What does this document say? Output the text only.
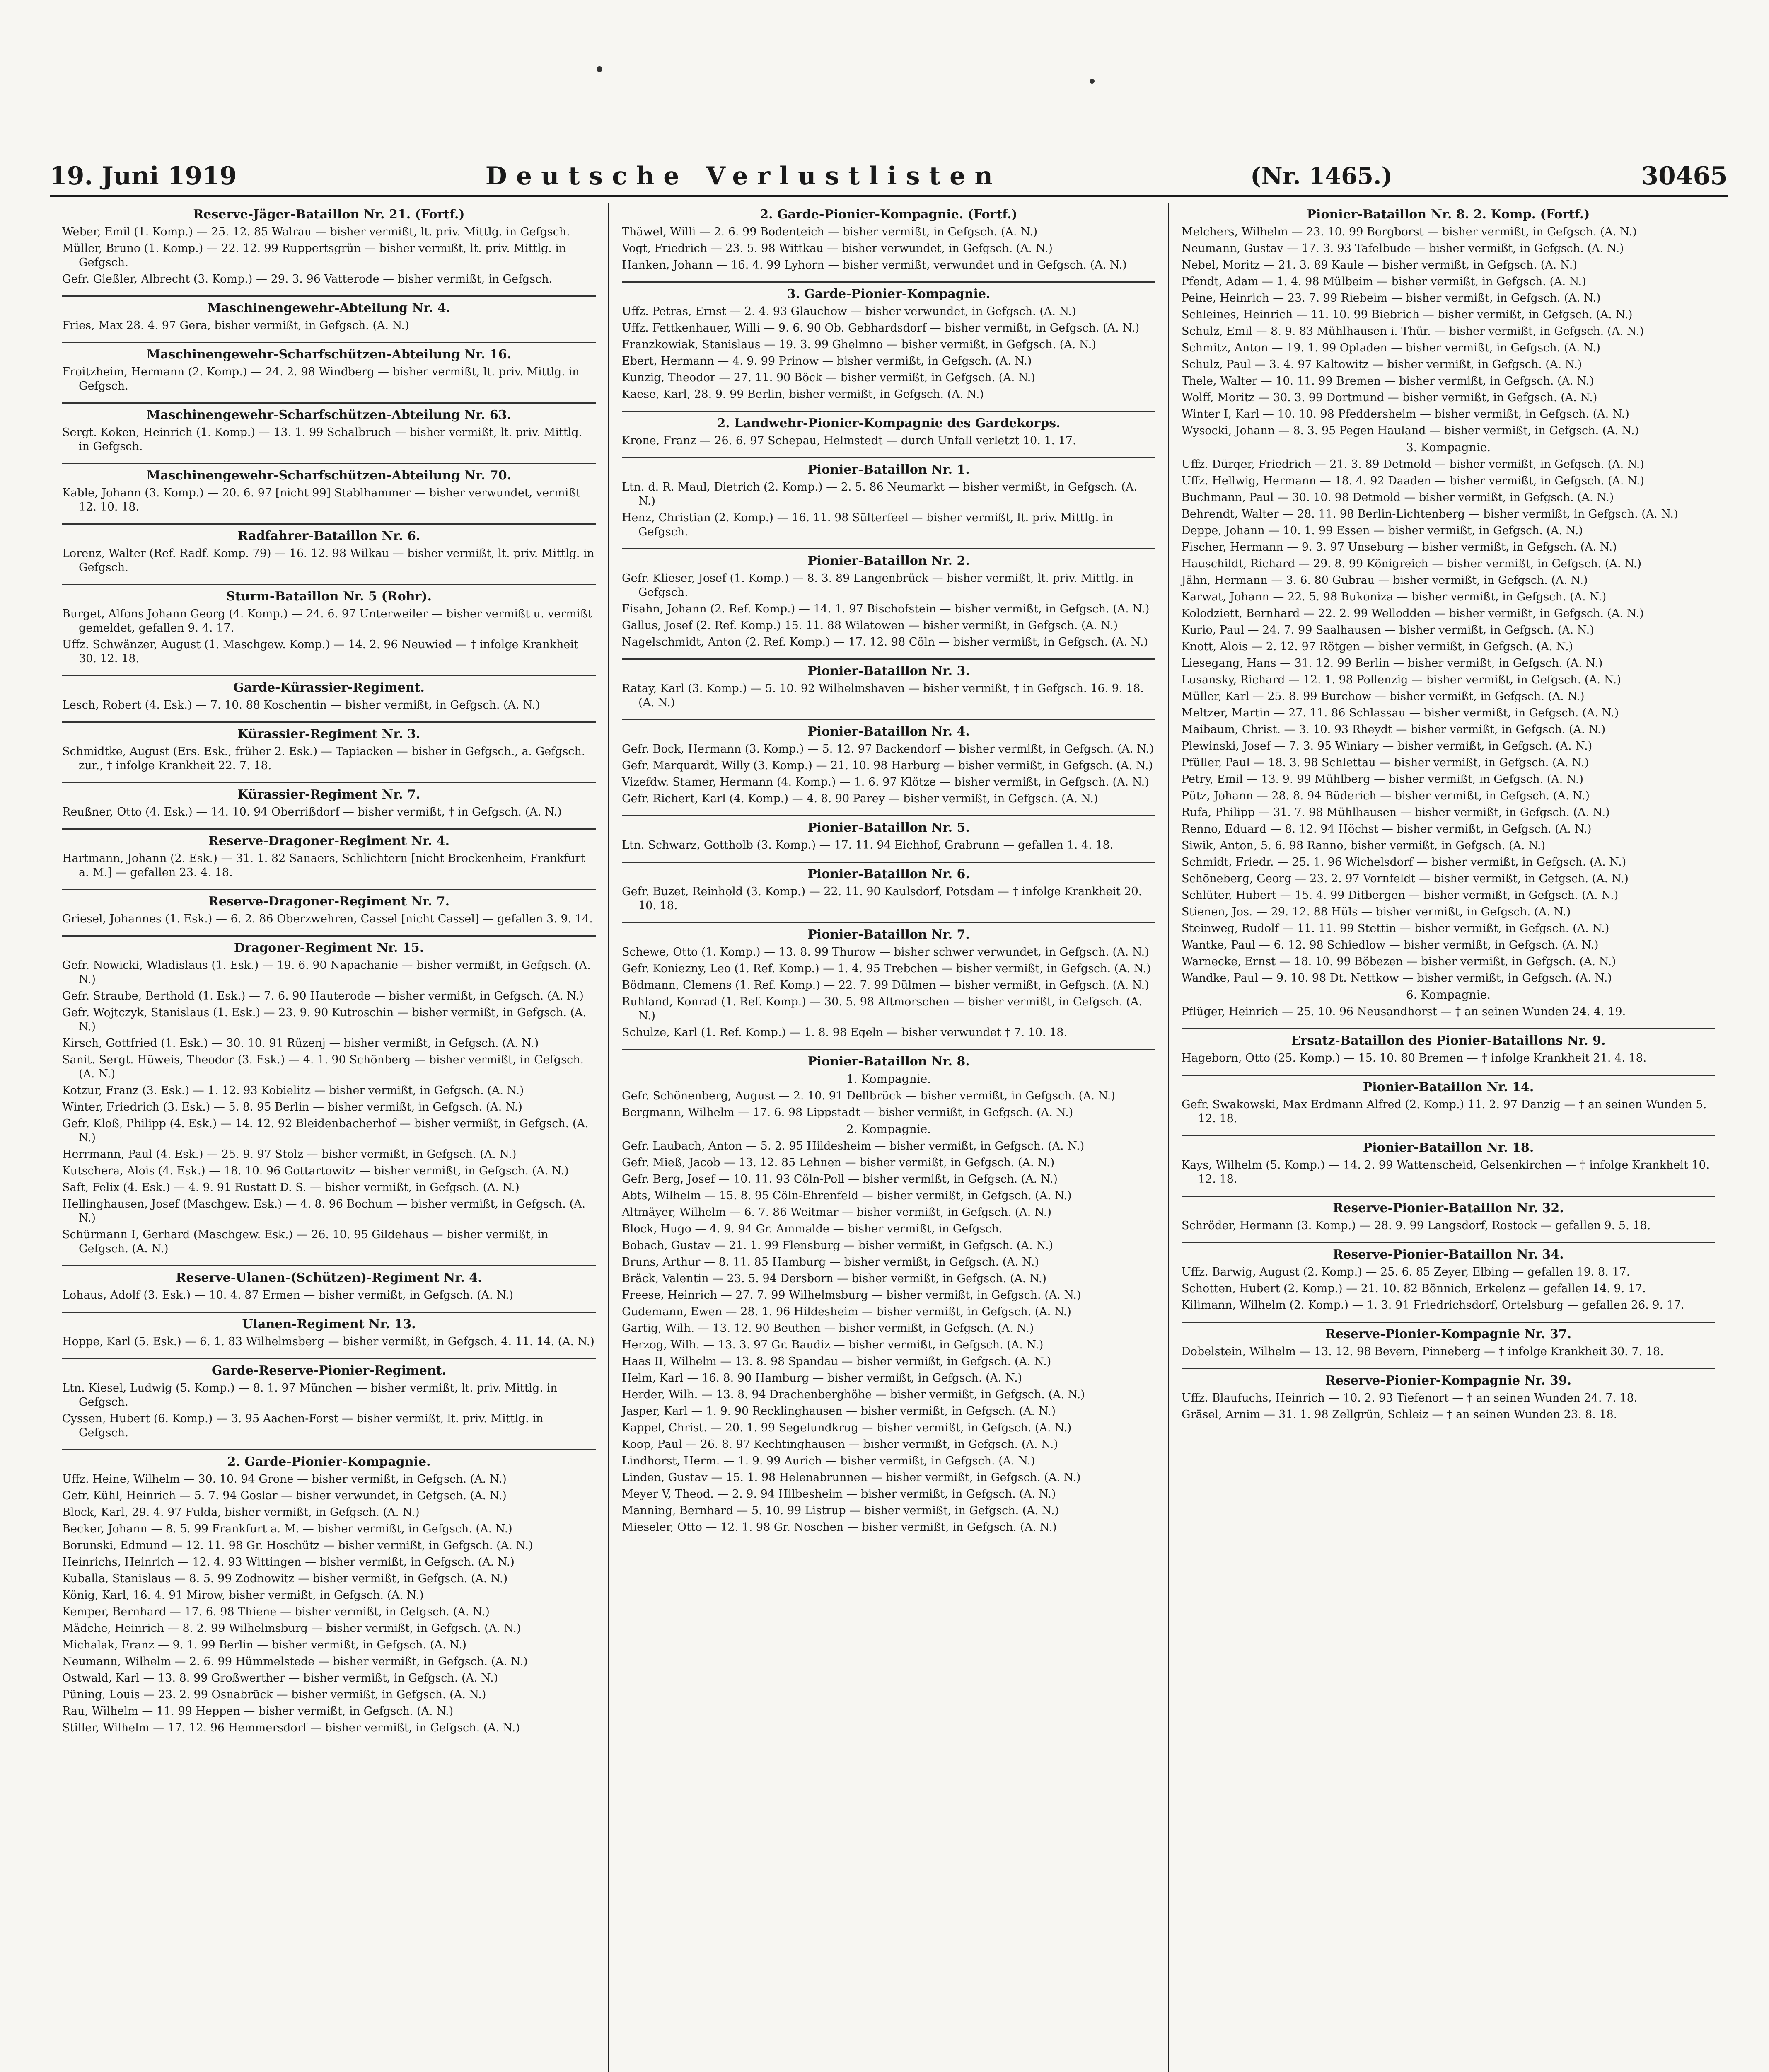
19. Juni 1919	Deutsche Verlustlisten	(Nr. 1465.)	30465
Reserve-Jäger-Bataillon Nr. 21. (Fortf.)
Weber, Emil (1. Komp.) — 25. 12. 85 Walrau — bisher vermißt, lt. priv. Mittlg. in Gefgsch.
Müller, Bruno (1. Komp.) — 22. 12. 99 Ruppertsgrün — bisher vermißt, lt. priv. Mittlg. in Gefgsch.
Gefr. Gießler, Albrecht (3. Komp.) — 29. 3. 96 Vatterode — bisher vermißt, in Gefgsch.
Maschinengewehr-Abteilung Nr. 4.
Fries, Max 28. 4. 97 Gera, bisher vermißt, in Gefgsch. (A. N.)
Maschinengewehr-Scharfschützen-Abteilung Nr. 16.
Froitzheim, Hermann (2. Komp.) — 24. 2. 98 Windberg — bisher vermißt, lt. priv. Mittlg. in Gefgsch.
Maschinengewehr-Scharfschützen-Abteilung Nr. 63.
Sergt. Koken, Heinrich (1. Komp.) — 13. 1. 99 Schalbruch — bisher vermißt, lt. priv. Mittlg. in Gefgsch.
Maschinengewehr-Scharfschützen-Abteilung Nr. 70.
Kable, Johann (3. Komp.) — 20. 6. 97 [nicht 99] Stablhammer — bisher verwundet, vermißt 12. 10. 18.
Radfahrer-Bataillon Nr. 6.
Lorenz, Walter (Ref. Radf. Komp. 79) — 16. 12. 98 Wilkau — bisher vermißt, lt. priv. Mittlg. in Gefgsch.
Sturm-Bataillon Nr. 5 (Rohr).
Burget, Alfons Johann Georg (4. Komp.) — 24. 6. 97 Unterweiler — bisher vermißt u. vermißt gemeldet, gefallen 9. 4. 17.
Uffz. Schwänzer, August (1. Maschgew. Komp.) — 14. 2. 96 Neuwied — † infolge Krankheit 30. 12. 18.
Garde-Kürassier-Regiment.
Lesch, Robert (4. Esk.) — 7. 10. 88 Koschentin — bisher vermißt, in Gefgsch. (A. N.)
Kürassier-Regiment Nr. 3.
Schmidtke, August (Ers. Esk., früher 2. Esk.) — Tapiacken — bisher in Gefgsch., a. Gefgsch. zur., † infolge Krankheit 22. 7. 18.
Kürassier-Regiment Nr. 7.
Reußner, Otto (4. Esk.) — 14. 10. 94 Oberrißdorf — bisher vermißt, † in Gefgsch. (A. N.)
Reserve-Dragoner-Regiment Nr. 4.
Hartmann, Johann (2. Esk.) — 31. 1. 82 Sanaers, Schlichtern [nicht Brockenheim, Frankfurt a. M.] — gefallen 23. 4. 18.
Reserve-Dragoner-Regiment Nr. 7.
Griesel, Johannes (1. Esk.) — 6. 2. 86 Oberzwehren, Cassel [nicht Cassel] — gefallen 3. 9. 14.
Dragoner-Regiment Nr. 15.
Gefr. Nowicki, Wladislaus (1. Esk.) — 19. 6. 90 Napachanie — bisher vermißt, in Gefgsch. (A. N.)
Gefr. Straube, Berthold (1. Esk.) — 7. 6. 90 Hauterode — bisher vermißt, in Gefgsch. (A. N.)
Gefr. Wojtczyk, Stanislaus (1. Esk.) — 23. 9. 90 Kutroschin — bisher vermißt, in Gefgsch. (A. N.)
Kirsch, Gottfried (1. Esk.) — 30. 10. 91 Rüzenj — bisher vermißt, in Gefgsch. (A. N.)
Sanit. Sergt. Hüweis, Theodor (3. Esk.) — 4. 1. 90 Schönberg — bisher vermißt, in Gefgsch. (A. N.)
Kotzur, Franz (3. Esk.) — 1. 12. 93 Kobielitz — bisher vermißt, in Gefgsch. (A. N.)
Winter, Friedrich (3. Esk.) — 5. 8. 95 Berlin — bisher vermißt, in Gefgsch. (A. N.)
Gefr. Kloß, Philipp (4. Esk.) — 14. 12. 92 Bleidenbacherhof — bisher vermißt, in Gefgsch. (A. N.)
Herrmann, Paul (4. Esk.) — 25. 9. 97 Stolz — bisher vermißt, in Gefgsch. (A. N.)
Kutschera, Alois (4. Esk.) — 18. 10. 96 Gottartowitz — bisher vermißt, in Gefgsch. (A. N.)
Saft, Felix (4. Esk.) — 4. 9. 91 Rustatt D. S. — bisher vermißt, in Gefgsch. (A. N.)
Hellinghausen, Josef (Maschgew. Esk.) — 4. 8. 96 Bochum — bisher vermißt, in Gefgsch. (A. N.)
Schürmann I, Gerhard (Maschgew. Esk.) — 26. 10. 95 Gildehaus — bisher vermißt, in Gefgsch. (A. N.)
Reserve-Ulanen-(Schützen)-Regiment Nr. 4.
Lohaus, Adolf (3. Esk.) — 10. 4. 87 Ermen — bisher vermißt, in Gefgsch. (A. N.)
Ulanen-Regiment Nr. 13.
Hoppe, Karl (5. Esk.) — 6. 1. 83 Wilhelmsberg — bisher vermißt, in Gefgsch. 4. 11. 14. (A. N.)
Garde-Reserve-Pionier-Regiment.
Ltn. Kiesel, Ludwig (5. Komp.) — 8. 1. 97 München — bisher vermißt, lt. priv. Mittlg. in Gefgsch.
Cyssen, Hubert (6. Komp.) — 3. 95 Aachen-Forst — bisher vermißt, lt. priv. Mittlg. in Gefgsch.
2. Garde-Pionier-Kompagnie.
Uffz. Heine, Wilhelm — 30. 10. 94 Grone — bisher vermißt, in Gefgsch. (A. N.)
Gefr. Kühl, Heinrich — 5. 7. 94 Goslar — bisher verwundet, in Gefgsch. (A. N.)
Block, Karl, 29. 4. 97 Fulda, bisher vermißt, in Gefgsch. (A. N.)
Becker, Johann — 8. 5. 99 Frankfurt a. M. — bisher vermißt, in Gefgsch. (A. N.)
Borunski, Edmund — 12. 11. 98 Gr. Hoschütz — bisher vermißt, in Gefgsch. (A. N.)
Heinrichs, Heinrich — 12. 4. 93 Wittingen — bisher vermißt, in Gefgsch. (A. N.)
Kuballa, Stanislaus — 8. 5. 99 Zodnowitz — bisher vermißt, in Gefgsch. (A. N.)
König, Karl, 16. 4. 91 Mirow, bisher vermißt, in Gefgsch. (A. N.)
Kemper, Bernhard — 17. 6. 98 Thiene — bisher vermißt, in Gefgsch. (A. N.)
Mädche, Heinrich — 8. 2. 99 Wilhelmsburg — bisher vermißt, in Gefgsch. (A. N.)
Michalak, Franz — 9. 1. 99 Berlin — bisher vermißt, in Gefgsch. (A. N.)
Neumann, Wilhelm — 2. 6. 99 Hümmelstede — bisher vermißt, in Gefgsch. (A. N.)
Ostwald, Karl — 13. 8. 99 Großwerther — bisher vermißt, in Gefgsch. (A. N.)
Püning, Louis — 23. 2. 99 Osnabrück — bisher vermißt, in Gefgsch. (A. N.)
Rau, Wilhelm — 11. 99 Heppen — bisher vermißt, in Gefgsch. (A. N.)
Stiller, Wilhelm — 17. 12. 96 Hemmersdorf — bisher vermißt, in Gefgsch. (A. N.)
2. Garde-Pionier-Kompagnie. (Fortf.)
Thäwel, Willi — 2. 6. 99 Bodenteich — bisher vermißt, in Gefgsch. (A. N.)
Vogt, Friedrich — 23. 5. 98 Wittkau — bisher verwundet, in Gefgsch. (A. N.)
Hanken, Johann — 16. 4. 99 Lyhorn — bisher vermißt, verwundet und in Gefgsch. (A. N.)
3. Garde-Pionier-Kompagnie.
Uffz. Petras, Ernst — 2. 4. 93 Glauchow — bisher verwundet, in Gefgsch. (A. N.)
Uffz. Fettkenhauer, Willi — 9. 6. 90 Ob. Gebhardsdorf — bisher vermißt, in Gefgsch. (A. N.)
Franzkowiak, Stanislaus — 19. 3. 99 Ghelmno — bisher vermißt, in Gefgsch. (A. N.)
Ebert, Hermann — 4. 9. 99 Prinow — bisher vermißt, in Gefgsch. (A. N.)
Kunzig, Theodor — 27. 11. 90 Böck — bisher vermißt, in Gefgsch. (A. N.)
Kaese, Karl, 28. 9. 99 Berlin, bisher vermißt, in Gefgsch. (A. N.)
2. Landwehr-Pionier-Kompagnie des Gardekorps.
Krone, Franz — 26. 6. 97 Schepau, Helmstedt — durch Unfall verletzt 10. 1. 17.
Pionier-Bataillon Nr. 1.
Ltn. d. R. Maul, Dietrich (2. Komp.) — 2. 5. 86 Neumarkt — bisher vermißt, in Gefgsch. (A. N.)
Henz, Christian (2. Komp.) — 16. 11. 98 Sülterfeel — bisher vermißt, lt. priv. Mittlg. in Gefgsch.
Pionier-Bataillon Nr. 2.
Gefr. Klieser, Josef (1. Komp.) — 8. 3. 89 Langenbrück — bisher vermißt, lt. priv. Mittlg. in Gefgsch.
Fisahn, Johann (2. Ref. Komp.) — 14. 1. 97 Bischofstein — bisher vermißt, in Gefgsch. (A. N.)
Gallus, Josef (2. Ref. Komp.) 15. 11. 88 Wilatowen — bisher vermißt, in Gefgsch. (A. N.)
Nagelschmidt, Anton (2. Ref. Komp.) — 17. 12. 98 Cöln — bisher vermißt, in Gefgsch. (A. N.)
Pionier-Bataillon Nr. 3.
Ratay, Karl (3. Komp.) — 5. 10. 92 Wilhelmshaven — bisher vermißt, † in Gefgsch. 16. 9. 18. (A. N.)
Pionier-Bataillon Nr. 4.
Gefr. Bock, Hermann (3. Komp.) — 5. 12. 97 Backendorf — bisher vermißt, in Gefgsch. (A. N.)
Gefr. Marquardt, Willy (3. Komp.) — 21. 10. 98 Harburg — bisher vermißt, in Gefgsch. (A. N.)
Vizefdw. Stamer, Hermann (4. Komp.) — 1. 6. 97 Klötze — bisher vermißt, in Gefgsch. (A. N.)
Gefr. Richert, Karl (4. Komp.) — 4. 8. 90 Parey — bisher vermißt, in Gefgsch. (A. N.)
Pionier-Bataillon Nr. 5.
Ltn. Schwarz, Gottholb (3. Komp.) — 17. 11. 94 Eichhof, Grabrunn — gefallen 1. 4. 18.
Pionier-Bataillon Nr. 6.
Gefr. Buzet, Reinhold (3. Komp.) — 22. 11. 90 Kaulsdorf, Potsdam — † infolge Krankheit 20. 10. 18.
Pionier-Bataillon Nr. 7.
Schewe, Otto (1. Komp.) — 13. 8. 99 Thurow — bisher schwer verwundet, in Gefgsch. (A. N.)
Gefr. Koniezny, Leo (1. Ref. Komp.) — 1. 4. 95 Trebchen — bisher vermißt, in Gefgsch. (A. N.)
Bödmann, Clemens (1. Ref. Komp.) — 22. 7. 99 Dülmen — bisher vermißt, in Gefgsch. (A. N.)
Ruhland, Konrad (1. Ref. Komp.) — 30. 5. 98 Altmorschen — bisher vermißt, in Gefgsch. (A. N.)
Schulze, Karl (1. Ref. Komp.) — 1. 8. 98 Egeln — bisher verwundet † 7. 10. 18.
Pionier-Bataillon Nr. 8.
1. Kompagnie.
Gefr. Schönenberg, August — 2. 10. 91 Dellbrück — bisher vermißt, in Gefgsch. (A. N.)
Bergmann, Wilhelm — 17. 6. 98 Lippstadt — bisher vermißt, in Gefgsch. (A. N.)
2. Kompagnie.
Gefr. Laubach, Anton — 5. 2. 95 Hildesheim — bisher vermißt, in Gefgsch. (A. N.)
Gefr. Mieß, Jacob — 13. 12. 85 Lehnen — bisher vermißt, in Gefgsch. (A. N.)
Gefr. Berg, Josef — 10. 11. 93 Cöln-Poll — bisher vermißt, in Gefgsch. (A. N.)
Abts, Wilhelm — 15. 8. 95 Cöln-Ehrenfeld — bisher vermißt, in Gefgsch. (A. N.)
Altmäyer, Wilhelm — 6. 7. 86 Weitmar — bisher vermißt, in Gefgsch. (A. N.)
Block, Hugo — 4. 9. 94 Gr. Ammalde — bisher vermißt, in Gefgsch.
Bobach, Gustav — 21. 1. 99 Flensburg — bisher vermißt, in Gefgsch. (A. N.)
Bruns, Arthur — 8. 11. 85 Hamburg — bisher vermißt, in Gefgsch. (A. N.)
Bräck, Valentin — 23. 5. 94 Dersborn — bisher vermißt, in Gefgsch. (A. N.)
Freese, Heinrich — 27. 7. 99 Wilhelmsburg — bisher vermißt, in Gefgsch. (A. N.)
Gudemann, Ewen — 28. 1. 96 Hildesheim — bisher vermißt, in Gefgsch. (A. N.)
Gartig, Wilh. — 13. 12. 90 Beuthen — bisher vermißt, in Gefgsch. (A. N.)
Herzog, Wilh. — 13. 3. 97 Gr. Baudiz — bisher vermißt, in Gefgsch. (A. N.)
Haas II, Wilhelm — 13. 8. 98 Spandau — bisher vermißt, in Gefgsch. (A. N.)
Helm, Karl — 16. 8. 90 Hamburg — bisher vermißt, in Gefgsch. (A. N.)
Herder, Wilh. — 13. 8. 94 Drachenberghöhe — bisher vermißt, in Gefgsch. (A. N.)
Jasper, Karl — 1. 9. 90 Recklinghausen — bisher vermißt, in Gefgsch. (A. N.)
Kappel, Christ. — 20. 1. 99 Segelundkrug — bisher vermißt, in Gefgsch. (A. N.)
Koop, Paul — 26. 8. 97 Kechtinghausen — bisher vermißt, in Gefgsch. (A. N.)
Lindhorst, Herm. — 1. 9. 99 Aurich — bisher vermißt, in Gefgsch. (A. N.)
Linden, Gustav — 15. 1. 98 Helenabrunnen — bisher vermißt, in Gefgsch. (A. N.)
Meyer V, Theod. — 2. 9. 94 Hilbesheim — bisher vermißt, in Gefgsch. (A. N.)
Manning, Bernhard — 5. 10. 99 Listrup — bisher vermißt, in Gefgsch. (A. N.)
Mieseler, Otto — 12. 1. 98 Gr. Noschen — bisher vermißt, in Gefgsch. (A. N.)
Pionier-Bataillon Nr. 8. 2. Komp. (Fortf.)
Melchers, Wilhelm — 23. 10. 99 Borgborst — bisher vermißt, in Gefgsch. (A. N.)
Neumann, Gustav — 17. 3. 93 Tafelbude — bisher vermißt, in Gefgsch. (A. N.)
Nebel, Moritz — 21. 3. 89 Kaule — bisher vermißt, in Gefgsch. (A. N.)
Pfendt, Adam — 1. 4. 98 Mülbeim — bisher vermißt, in Gefgsch. (A. N.)
Peine, Heinrich — 23. 7. 99 Riebeim — bisher vermißt, in Gefgsch. (A. N.)
Schleines, Heinrich — 11. 10. 99 Biebrich — bisher vermißt, in Gefgsch. (A. N.)
Schulz, Emil — 8. 9. 83 Mühlhausen i. Thür. — bisher vermißt, in Gefgsch. (A. N.)
Schmitz, Anton — 19. 1. 99 Opladen — bisher vermißt, in Gefgsch. (A. N.)
Schulz, Paul — 3. 4. 97 Kaltowitz — bisher vermißt, in Gefgsch. (A. N.)
Thele, Walter — 10. 11. 99 Bremen — bisher vermißt, in Gefgsch. (A. N.)
Wolff, Moritz — 30. 3. 99 Dortmund — bisher vermißt, in Gefgsch. (A. N.)
Winter I, Karl — 10. 10. 98 Pfeddersheim — bisher vermißt, in Gefgsch. (A. N.)
Wysocki, Johann — 8. 3. 95 Pegen Hauland — bisher vermißt, in Gefgsch. (A. N.)
3. Kompagnie.
Uffz. Dürger, Friedrich — 21. 3. 89 Detmold — bisher vermißt, in Gefgsch. (A. N.)
Uffz. Hellwig, Hermann — 18. 4. 92 Daaden — bisher vermißt, in Gefgsch. (A. N.)
Buchmann, Paul — 30. 10. 98 Detmold — bisher vermißt, in Gefgsch. (A. N.)
Behrendt, Walter — 28. 11. 98 Berlin-Lichtenberg — bisher vermißt, in Gefgsch. (A. N.)
Deppe, Johann — 10. 1. 99 Essen — bisher vermißt, in Gefgsch. (A. N.)
Fischer, Hermann — 9. 3. 97 Unseburg — bisher vermißt, in Gefgsch. (A. N.)
Hauschildt, Richard — 29. 8. 99 Königreich — bisher vermißt, in Gefgsch. (A. N.)
Jähn, Hermann — 3. 6. 80 Gubrau — bisher vermißt, in Gefgsch. (A. N.)
Karwat, Johann — 22. 5. 98 Bukoniza — bisher vermißt, in Gefgsch. (A. N.)
Kolodziett, Bernhard — 22. 2. 99 Wellodden — bisher vermißt, in Gefgsch. (A. N.)
Kurio, Paul — 24. 7. 99 Saalhausen — bisher vermißt, in Gefgsch. (A. N.)
Knott, Alois — 2. 12. 97 Rötgen — bisher vermißt, in Gefgsch. (A. N.)
Liesegang, Hans — 31. 12. 99 Berlin — bisher vermißt, in Gefgsch. (A. N.)
Lusansky, Richard — 12. 1. 98 Pollenzig — bisher vermißt, in Gefgsch. (A. N.)
Müller, Karl — 25. 8. 99 Burchow — bisher vermißt, in Gefgsch. (A. N.)
Meltzer, Martin — 27. 11. 86 Schlassau — bisher vermißt, in Gefgsch. (A. N.)
Maibaum, Christ. — 3. 10. 93 Rheydt — bisher vermißt, in Gefgsch. (A. N.)
Plewinski, Josef — 7. 3. 95 Winiary — bisher vermißt, in Gefgsch. (A. N.)
Pfüller, Paul — 18. 3. 98 Schlettau — bisher vermißt, in Gefgsch. (A. N.)
Petry, Emil — 13. 9. 99 Mühlberg — bisher vermißt, in Gefgsch. (A. N.)
Pütz, Johann — 28. 8. 94 Büderich — bisher vermißt, in Gefgsch. (A. N.)
Rufa, Philipp — 31. 7. 98 Mühlhausen — bisher vermißt, in Gefgsch. (A. N.)
Renno, Eduard — 8. 12. 94 Höchst — bisher vermißt, in Gefgsch. (A. N.)
Siwik, Anton, 5. 6. 98 Ranno, bisher vermißt, in Gefgsch. (A. N.)
Schmidt, Friedr. — 25. 1. 96 Wichelsdorf — bisher vermißt, in Gefgsch. (A. N.)
Schöneberg, Georg — 23. 2. 97 Vornfeldt — bisher vermißt, in Gefgsch. (A. N.)
Schlüter, Hubert — 15. 4. 99 Ditbergen — bisher vermißt, in Gefgsch. (A. N.)
Stienen, Jos. — 29. 12. 88 Hüls — bisher vermißt, in Gefgsch. (A. N.)
Steinweg, Rudolf — 11. 11. 99 Stettin — bisher vermißt, in Gefgsch. (A. N.)
Wantke, Paul — 6. 12. 98 Schiedlow — bisher vermißt, in Gefgsch. (A. N.)
Warnecke, Ernst — 18. 10. 99 Böbezen — bisher vermißt, in Gefgsch. (A. N.)
Wandke, Paul — 9. 10. 98 Dt. Nettkow — bisher vermißt, in Gefgsch. (A. N.)
6. Kompagnie.
Pflüger, Heinrich — 25. 10. 96 Neusandhorst — † an seinen Wunden 24. 4. 19.
Ersatz-Bataillon des Pionier-Bataillons Nr. 9.
Hageborn, Otto (25. Komp.) — 15. 10. 80 Bremen — † infolge Krankheit 21. 4. 18.
Pionier-Bataillon Nr. 14.
Gefr. Swakowski, Max Erdmann Alfred (2. Komp.) 11. 2. 97 Danzig — † an seinen Wunden 5. 12. 18.
Pionier-Bataillon Nr. 18.
Kays, Wilhelm (5. Komp.) — 14. 2. 99 Wattenscheid, Gelsenkirchen — † infolge Krankheit 10. 12. 18.
Reserve-Pionier-Bataillon Nr. 32.
Schröder, Hermann (3. Komp.) — 28. 9. 99 Langsdorf, Rostock — gefallen 9. 5. 18.
Reserve-Pionier-Bataillon Nr. 34.
Uffz. Barwig, August (2. Komp.) — 25. 6. 85 Zeyer, Elbing — gefallen 19. 8. 17.
Schotten, Hubert (2. Komp.) — 21. 10. 82 Bönnich, Erkelenz — gefallen 14. 9. 17.
Kilimann, Wilhelm (2. Komp.) — 1. 3. 91 Friedrichsdorf, Ortelsburg — gefallen 26. 9. 17.
Reserve-Pionier-Kompagnie Nr. 37.
Dobelstein, Wilhelm — 13. 12. 98 Bevern, Pinneberg — † infolge Krankheit 30. 7. 18.
Reserve-Pionier-Kompagnie Nr. 39.
Uffz. Blaufuchs, Heinrich — 10. 2. 93 Tiefenort — † an seinen Wunden 24. 7. 18.
Gräsel, Arnim — 31. 1. 98 Zellgrün, Schleiz — † an seinen Wunden 23. 8. 18.
